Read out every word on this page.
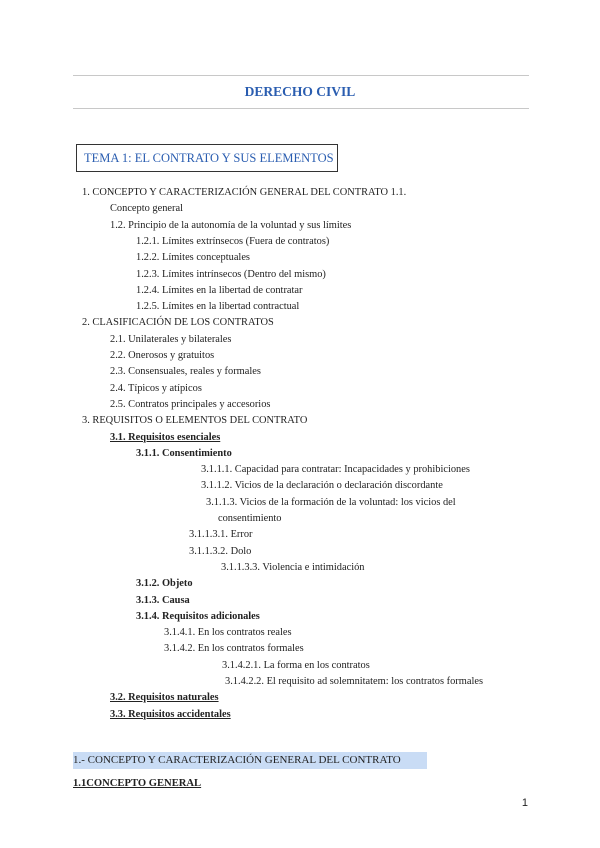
DERECHO CIVIL
TEMA 1: EL CONTRATO Y SUS ELEMENTOS
1. CONCEPTO Y CARACTERIZACIÓN GENERAL DEL CONTRATO 1.1.
Concepto general
1.2. Principio de la autonomía de la voluntad y sus límites
1.2.1. Límites extrínsecos (Fuera de contratos)
1.2.2. Límites conceptuales
1.2.3. Límites intrínsecos (Dentro del mismo)
1.2.4. Límites en la libertad de contratar
1.2.5. Límites en la libertad contractual
2. CLASIFICACIÓN DE LOS CONTRATOS
2.1. Unilaterales y bilaterales
2.2. Onerosos y gratuitos
2.3. Consensuales, reales y formales
2.4. Típicos y atípicos
2.5. Contratos principales y accesorios
3. REQUISITOS O ELEMENTOS DEL CONTRATO
3.1. Requisitos esenciales
3.1.1. Consentimiento
3.1.1.1. Capacidad para contratar: Incapacidades y prohibiciones
3.1.1.2. Vicios de la declaración o declaración discordante
3.1.1.3. Vicios de la formación de la voluntad: los vicios del
consentimiento
3.1.1.3.1. Error
3.1.1.3.2. Dolo
3.1.1.3.3. Violencia e intimidación
3.1.2. Objeto
3.1.3. Causa
3.1.4. Requisitos adicionales
3.1.4.1. En los contratos reales
3.1.4.2. En los contratos formales
3.1.4.2.1. La forma en los contratos
3.1.4.2.2. El requisito ad solemnitatem: los contratos formales
3.2. Requisitos naturales
3.3. Requisitos accidentales
1.- CONCEPTO Y CARACTERIZACIÓN GENERAL DEL CONTRATO
1.1CONCEPTO GENERAL
1
